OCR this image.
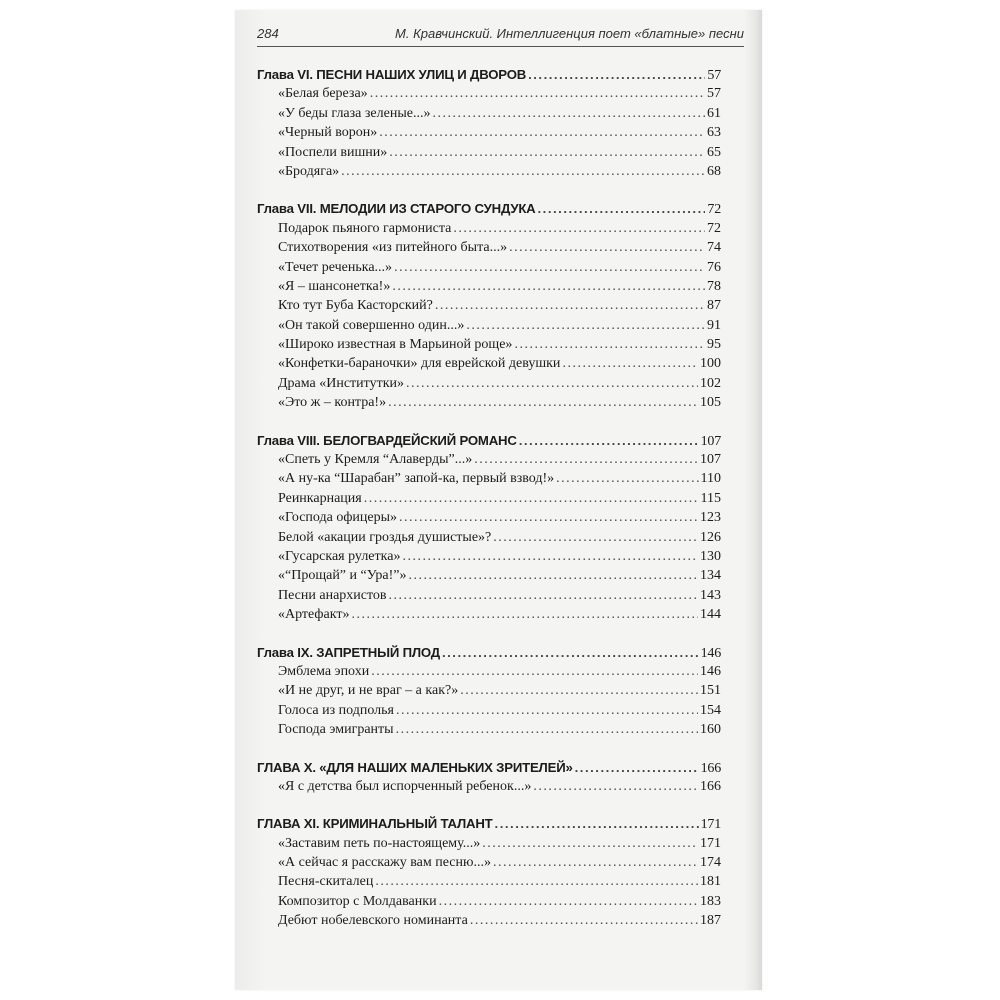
284	М. Кравчинский. Интеллигенция поет «блатные» песни
Глава VI. ПЕСНИ НАШИХ УЛИЦ И ДВОРОВ .....	57
«Белая береза» .....	57
«У беды глаза зеленые...» .....	61
«Черный ворон» .....	63
«Поспели вишни» .....	65
«Бродяга» .....	68
Глава VII. МЕЛОДИИ ИЗ СТАРОГО СУНДУКА .....	72
Подарок пьяного гармониста .....	72
Стихотворения «из питейного быта...» .....	74
«Течет реченька...» .....	76
«Я – шансонетка!» .....	78
Кто тут Буба Касторский? .....	87
«Он такой совершенно один...» .....	91
«Широко известная в Марьиной роще» .....	95
«Конфетки-бараночки» для еврейской девушки .....	100
Драма «Институтки» .....	102
«Это ж – контра!» .....	105
Глава VIII. БЕЛОГВАРДЕЙСКИЙ РОМАНС .....	107
«Спеть у Кремля “Алаверды”...» .....	107
«А ну-ка “Шарабан” запой-ка, первый взвод!» .....	110
Реинкарнация .....	115
«Господа офицеры» .....	123
Белой «акации гроздья душистые»? .....	126
«Гусарская рулетка» .....	130
«“Прощай” и “Ура!”» .....	134
Песни анархистов .....	143
«Артефакт» .....	144
Глава IX. ЗАПРЕТНЫЙ ПЛОД .....	146
Эмблема эпохи .....	146
«И не друг, и не враг – а как?» .....	151
Голоса из подполья .....	154
Господа эмигранты .....	160
ГЛАВА X. «ДЛЯ НАШИХ МАЛЕНЬКИХ ЗРИТЕЛЕЙ» .....	166
«Я с детства был испорченный ребенок...» .....	166
ГЛАВА XI. КРИМИНАЛЬНЫЙ ТАЛАНТ .....	171
«Заставим петь по-настоящему...» .....	171
«А сейчас я расскажу вам песню...» .....	174
Песня-скиталец .....	181
Композитор с Молдаванки .....	183
Дебют нобелевского номинанта .....	187
